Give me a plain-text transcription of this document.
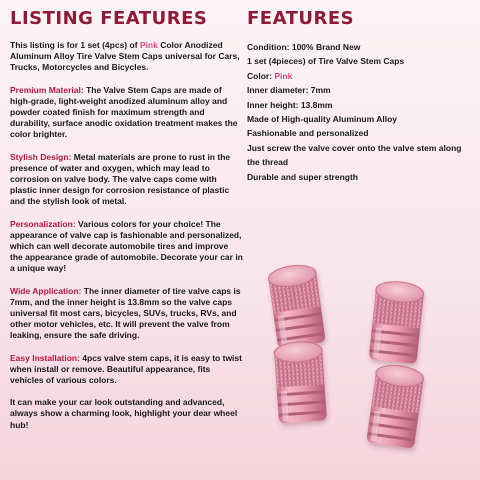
LISTING FEATURES FEATURES

This listing is for 1 set (4pcs) of Pink Color Anodized Aluminum Alloy Tire Valve Stem Caps universal for Cars, Trucks, Motorcycles and Bicycles.

Premium Material: The Valve Stem Caps are made of high-grade, light-weight anodized aluminum alloy and powder coated finish for maximum strength and durability, surface anodic oxidation treatment makes the color brighter.

Stylish Design: Metal materials are prone to rust in the presence of water and oxygen, which may lead to corrosion on valve body. The valve caps come with plastic inner design for corrosion resistance of plastic and the stylish look of metal.

Personalization: Various colors for your choice! The appearance of valve cap is fashionable and personalized, which can well decorate automobile tires and improve the appearance grade of automobile. Decorate your car in a unique way!

Wide Application: The inner diameter of tire valve caps is 7mm, and the inner height is 13.8mm so the valve caps universal fit most cars, bicycles, SUVs, trucks, RVs, and other motor vehicles, etc. It will prevent the valve from leaking, ensure the safe driving.

Easy Installation: 4pcs valve stem caps, it is easy to twist when install or remove. Beautiful appearance, fits vehicles of various colors.

It can make your car look outstanding and advanced, always show a charming look, highlight your dear wheel hub!

Condition: 100% Brand New
1 set (4pieces) of Tire Valve Stem Caps
Color: Pink
Inner diameter: 7mm
Inner height: 13.8mm
Made of High-quality Aluminum Alloy
Fashionable and personalized
Just screw the valve cover onto the valve stem along the thread
Durable and super strength
